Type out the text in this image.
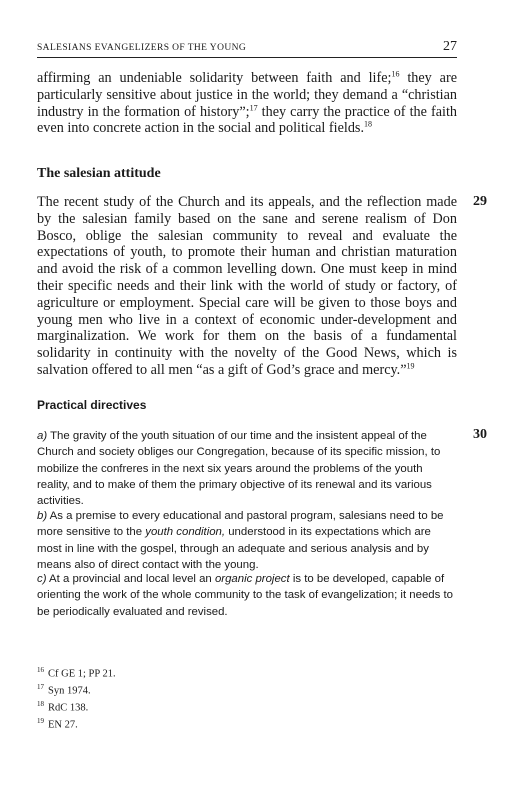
SALESIANS EVANGELIZERS OF THE YOUNG	27

affirming an undeniable solidarity between faith and life;$^{16}$ they are particularly sensitive about justice in the world; they demand a “christian industry in the formation of history”;$^{17}$ they carry the practice of the faith even into concrete action in the social and political fields.$^{18}$

The salesian attitude
29

The recent study of the Church and its appeals, and the reflection made by the salesian family based on the sane and serene realism of Don Bosco, oblige the salesian community to reveal and evaluate the expectations of youth, to promote their human and christian maturation and avoid the risk of a common levelling down. One must keep in mind their specific needs and their link with the world of study or factory, of agriculture or employment. Special care will be given to those boys and young men who live in a context of economic under-development and marginalization. We work for them on the basis of a fundamental solidarity in continuity with the novelty of the Good News, which is salvation offered to all men “as a gift of God’s grace and mercy.”$^{19}$

Practical directives
30

a) The gravity of the youth situation of our time and the insistent appeal of the Church and society obliges our Congregation, because of its specific mission, to mobilize the confreres in the next six years around the problems of the youth reality, and to make of them the primary objective of its renewal and its various activities.

b) As a premise to every educational and pastoral program, salesians need to be more sensitive to the youth condition, understood in its expectations which are most in line with the gospel, through an adequate and serious analysis and by means also of direct contact with the young.

c) At a provincial and local level an organic project is to be developed, capable of orienting the work of the whole community to the task of evangelization; it needs to be periodically evaluated and revised.

$^{16}$ Cf GE 1; PP 21.
$^{17}$ Syn 1974.
$^{18}$ RdC 138.
$^{19}$ EN 27.
